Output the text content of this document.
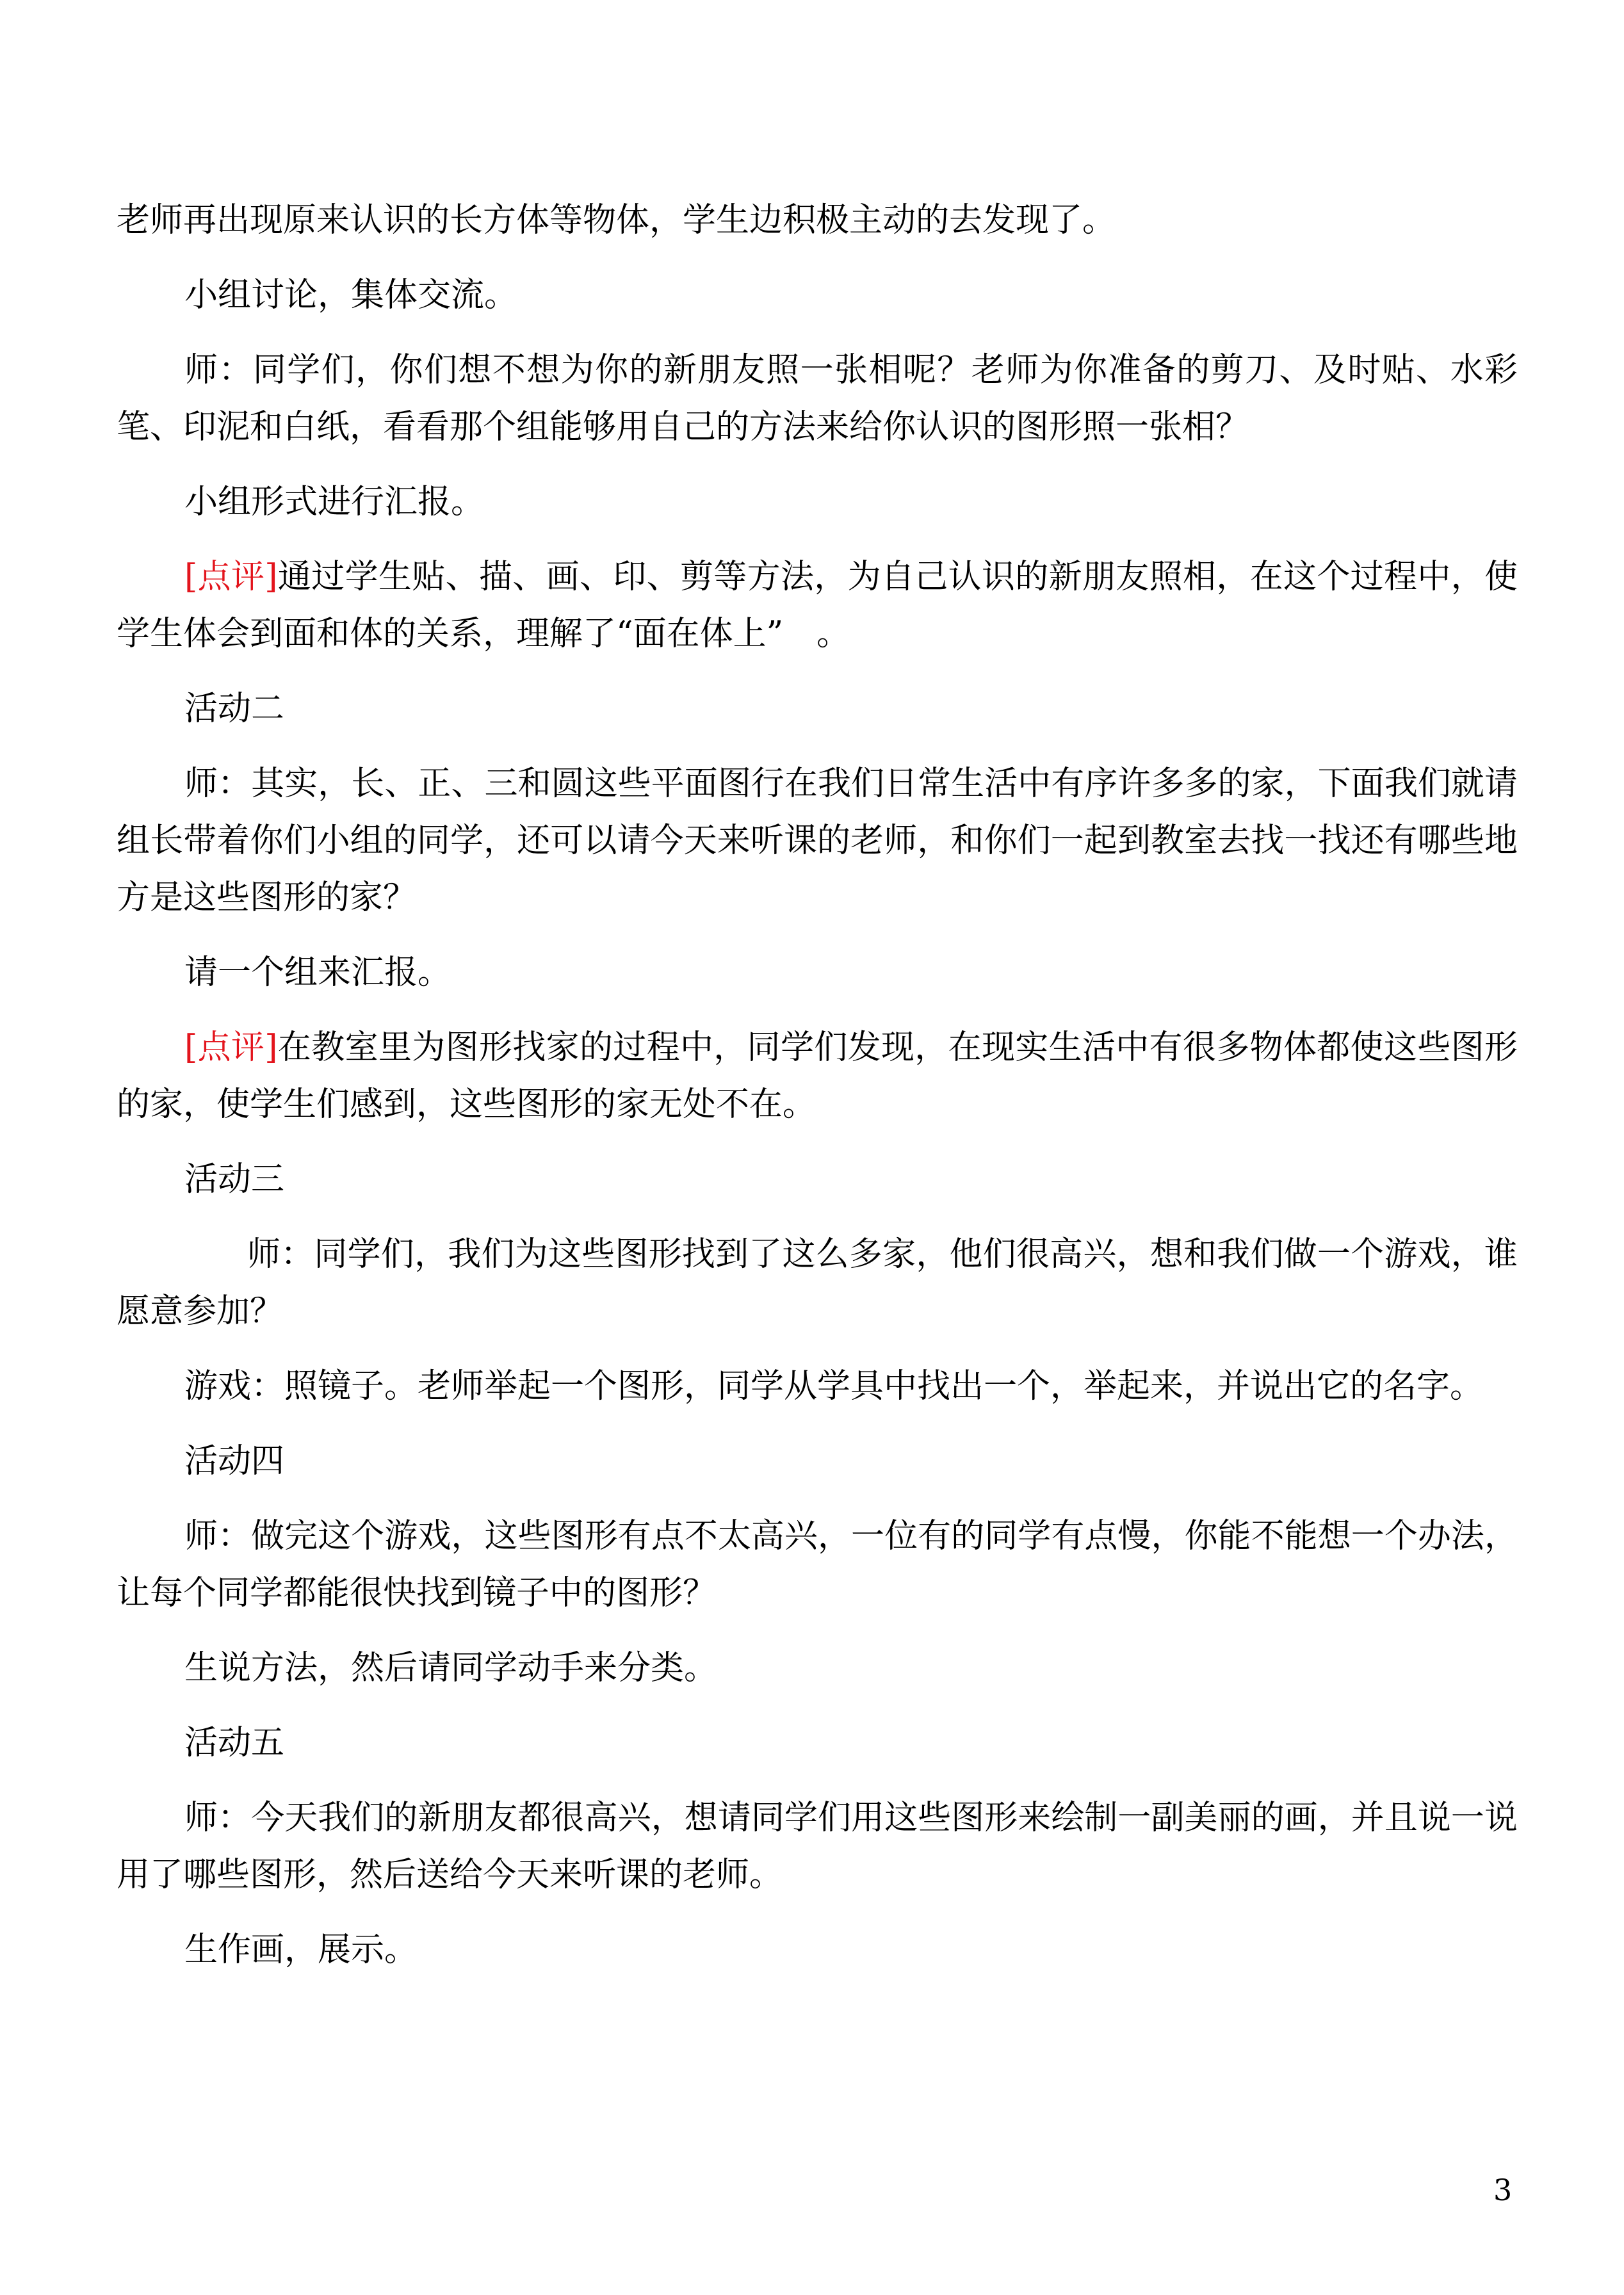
老师再出现原来认识的长方体等物体，学生边积极主动的去发现了。

小组讨论，集体交流。

师：同学们，你们想不想为你的新朋友照一张相呢？老师为你准备的剪刀、及时贴、水彩笔、印泥和白纸，看看那个组能够用自己的方法来给你认识的图形照一张相？

小组形式进行汇报。

[点评]通过学生贴、描、画、印、剪等方法，为自己认识的新朋友照相，在这个过程中，使学生体会到面和体的关系，理解了“面在体上”　。

活动二

师：其实，长、正、三和圆这些平面图行在我们日常生活中有序许多多的家，下面我们就请组长带着你们小组的同学，还可以请今天来听课的老师，和你们一起到教室去找一找还有哪些地方是这些图形的家？

请一个组来汇报。

[点评]在教室里为图形找家的过程中，同学们发现，在现实生活中有很多物体都使这些图形的家，使学生们感到，这些图形的家无处不在。

活动三

师：同学们，我们为这些图形找到了这么多家，他们很高兴，想和我们做一个游戏，谁愿意参加？

游戏：照镜子。老师举起一个图形，同学从学具中找出一个，举起来，并说出它的名字。

活动四

师：做完这个游戏，这些图形有点不太高兴，一位有的同学有点慢，你能不能想一个办法，让每个同学都能很快找到镜子中的图形？

生说方法，然后请同学动手来分类。

活动五

师：今天我们的新朋友都很高兴，想请同学们用这些图形来绘制一副美丽的画，并且说一说用了哪些图形，然后送给今天来听课的老师。

生作画，展示。

3
